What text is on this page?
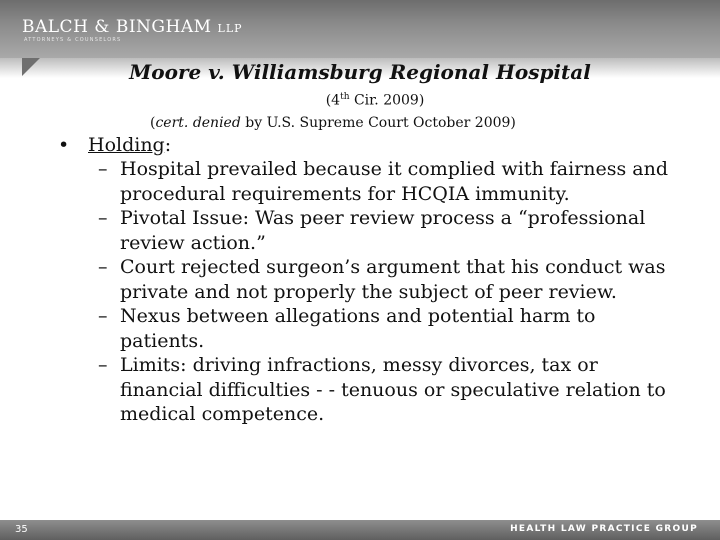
BALCH & BINGHAM LLP
ATTORNEYS & COUNSELORS
Moore v. Williamsburg Regional Hospital
(4th Cir. 2009)
(cert. denied by U.S. Supreme Court October 2009)
• Holding:
– Hospital prevailed because it complied with fairness and procedural requirements for HCQIA immunity.
– Pivotal Issue: Was peer review process a “professional review action.”
– Court rejected surgeon’s argument that his conduct was private and not properly the subject of peer review.
– Nexus between allegations and potential harm to patients.
– Limits: driving infractions, messy divorces, tax or financial difficulties - - tenuous or speculative relation to medical competence.
35	HEALTH LAW PRACTICE GROUP
